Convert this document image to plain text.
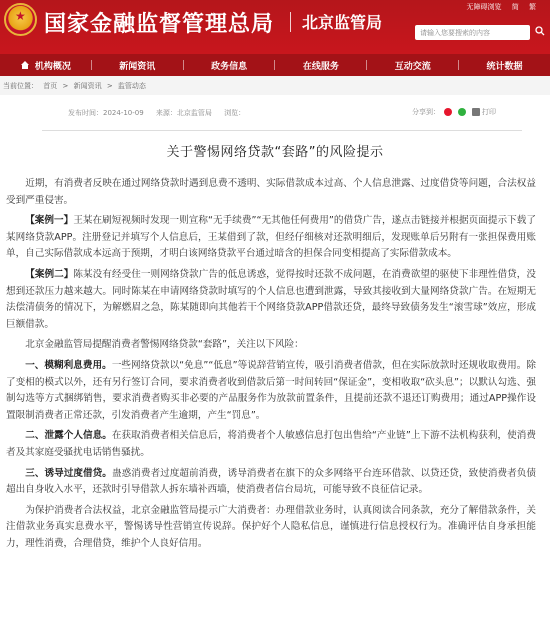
★
国家金融监督管理总局 北京监管局
无障碍浏览 简 繁
请输入您要搜索的内容
机构概况	新闻资讯	政务信息	在线服务	互动交流	统计数据
当前位置： 首页 > 新闻资讯 > 监管动态
发布时间：2024-10-09 来源：北京监管局 浏览：	分享到：	打印
关于警惕网络贷款“套路”的风险提示

近期，有消费者反映在通过网络贷款时遇到息费不透明、实际借款成本过高、个人信息泄露、过度借贷等问题，合法权益受到严重侵害。

【案例一】王某在刷短视频时发现一则宣称“无手续费”“无其他任何费用”的借贷广告，遂点击链接并根据页面提示下载了某网络贷款APP。注册登记并填写个人信息后，王某借到了款，但经仔细核对还款明细后，发现账单后另附有一张担保费用账单，自己实际借款成本远高于预期，才明白该网络贷款平台通过暗含的担保合同变相提高了实际借款成本。

【案例二】陈某没有经受住一则网络贷款广告的低息诱惑，觉得按时还款不成问题，在消费欲望的驱使下非理性借贷，没想到还款压力越来越大。同时陈某在申请网络贷款时填写的个人信息也遭到泄露，导致其接收到大量网络贷款广告。在短期无法偿清债务的情况下，为解燃眉之急，陈某随即向其他若干个网络贷款APP借款还贷，最终导致债务发生“滚雪球”效应，形成巨额借款。

北京金融监管局提醒消费者警惕网络贷款“套路”，关注以下风险：

一、模糊利息费用。一些网络贷款以“免息”“低息”等说辞营销宣传，吸引消费者借款，但在实际放款时还规收取费用。除了变相的模式以外，还有另行签订合同，要求消费者收到借款后第一时间转回“保证金”，变相收取“砍头息”；以默认勾选、强制勾选等方式捆绑销售，要求消费者购买非必要的产品服务作为放款前置条件，且提前还款不退还订购费用；通过APP操作设置限制消费者正常还款，引发消费者产生逾期，产生“罚息”。

二、泄露个人信息。在获取消费者相关信息后，将消费者个人敏感信息打包出售给“产业链”上下游不法机构获利，使消费者及其家庭受骚扰电话销售骚扰。

三、诱导过度借贷。蛊惑消费者过度超前消费，诱导消费者在旗下的众多网络平台连环借款、以贷还贷，致使消费者负债超出自身收入水平，还款时引导借款人拆东墙补西墙，使消费者信台局坑，可能导致不良征信记录。

为保护消费者合法权益，北京金融监管局提示广大消费者：办理借款业务时，认真阅读合同条款，充分了解借款条件，关注借款业务真实息费水平，警惕诱导性营销宣传说辞。保护好个人隐私信息，谨慎进行信息授权行为。准确评估自身承担能力，理性消费，合理借贷，维护个人良好信用。
